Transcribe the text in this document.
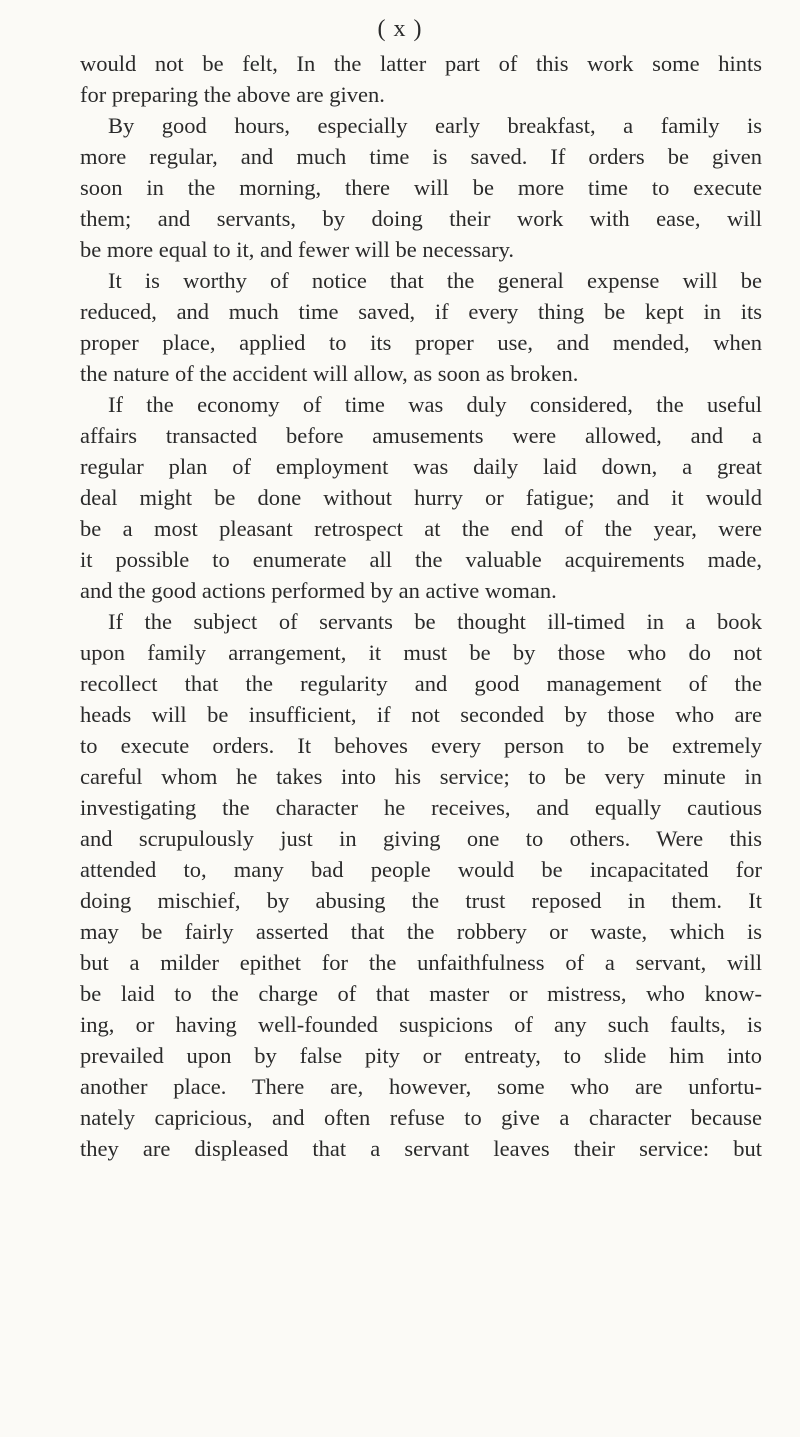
( x )
would not be felt, In the latter part of this work some hints
for preparing the above are given.
By good hours, especially early breakfast, a family is
more regular, and much time is saved. If orders be given
soon in the morning, there will be more time to execute
them; and servants, by doing their work with ease, will
be more equal to it, and fewer will be necessary.
It is worthy of notice that the general expense will be
reduced, and much time saved, if every thing be kept in its
proper place, applied to its proper use, and mended, when
the nature of the accident will allow, as soon as broken.
If the economy of time was duly considered, the useful
affairs transacted before amusements were allowed, and a
regular plan of employment was daily laid down, a great
deal might be done without hurry or fatigue; and it would
be a most pleasant retrospect at the end of the year, were
it possible to enumerate all the valuable acquirements made,
and the good actions performed by an active woman.
If the subject of servants be thought ill-timed in a book
upon family arrangement, it must be by those who do not
recollect that the regularity and good management of the
heads will be insufficient, if not seconded by those who are
to execute orders. It behoves every person to be extremely
careful whom he takes into his service; to be very minute in
investigating the character he receives, and equally cautious
and scrupulously just in giving one to others. Were this
attended to, many bad people would be incapacitated for
doing mischief, by abusing the trust reposed in them. It
may be fairly asserted that the robbery or waste, which is
but a milder epithet for the unfaithfulness of a servant, will
be laid to the charge of that master or mistress, who know-
ing, or having well-founded suspicions of any such faults, is
prevailed upon by false pity or entreaty, to slide him into
another place. There are, however, some who are unfortu-
nately capricious, and often refuse to give a character because
they are displeased that a servant leaves their service: but
